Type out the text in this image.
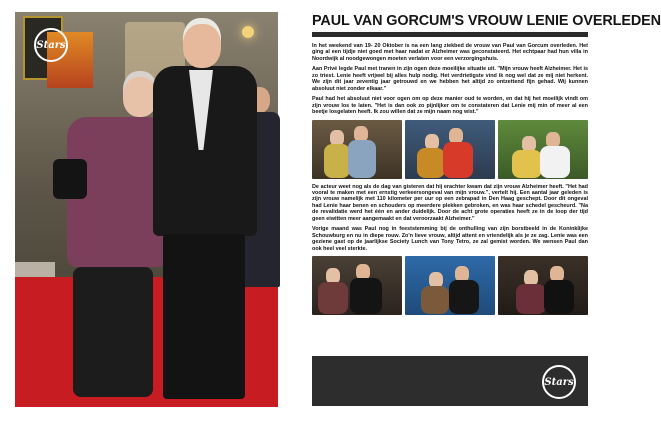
Stars
PAUL VAN GORCUM'S VROUW LENIE OVERLEDEN

In het weekend van 19- 20 Oktober is na een lang ziekbed de vrouw van Paul van Gorcum overleden. Het ging al een tijdje niet goed met haar nadat er Alzheimer was geconstateerd. Het echtpaar had hun villa in Noordwijk al noodgewongen moeten verlaten voor een verzorgingshuis.

Aan Privé legde Paul met tranen in zijn ogen deze moeilijke situatie uit. "Mijn vrouw heeft Alzheimer. Het is zo triest. Lenie heeft vrijwel bij alles hulp nodig. Het verdrietigste vind ik nog wel dat ze mij niet herkent. We zijn dit jaar zeventig jaar getrouwd en we hebben het altijd zo ontzettend fijn gehad. Wij kunnen absoluut niet zonder elkaar."

Paul had het absoluut niet voor ogen om op deze manier oud te worden, en dat hij het moeilijk vindt om zijn vrouw los te laten. "Het is dan ook zo pijnlijker om te constateren dat Lenie mij min of meer al een beetje losgelaten heeft. Ik zou willen dat ze mijn naam nog wist."

De acteur weet nog als de dag van gisteren dat hij erachter kwam dat zijn vrouw Alzheimer heeft. "Het had vooral te maken met een ernstig verkeersongeval van mijn vrouw.", vertelt hij. Een aantal jaar geleden is zijn vrouw namelijk met 110 kilometer per uur op een zebrapad in Den Haag geschept. Door dit ongeval had Lenie haar benen en schouders op meerdere plekken gebroken, en was haar schedel gescheurd. "Na de revalidatie werd het één en ander duidelijk. Door de acht grote operaties heeft ze in de loop der tijd geen eiwitten meer aangemaakt en dat veroorzaakt Alzheimer."

Vorige maand was Paul nog in feeststemming bij de onthulling van zijn borstbeeld in de Koninklijke Schouwburg en nu in diepe rouw. Zo'n lieve vrouw, altijd attent en vriendelijk als je ze zag. Lenie was een geziene gast op de jaarlijkse Society Lunch van Tony Tetro, ze zal gemist worden. We wensen Paul dan ook heel veel sterkte.

Stars
